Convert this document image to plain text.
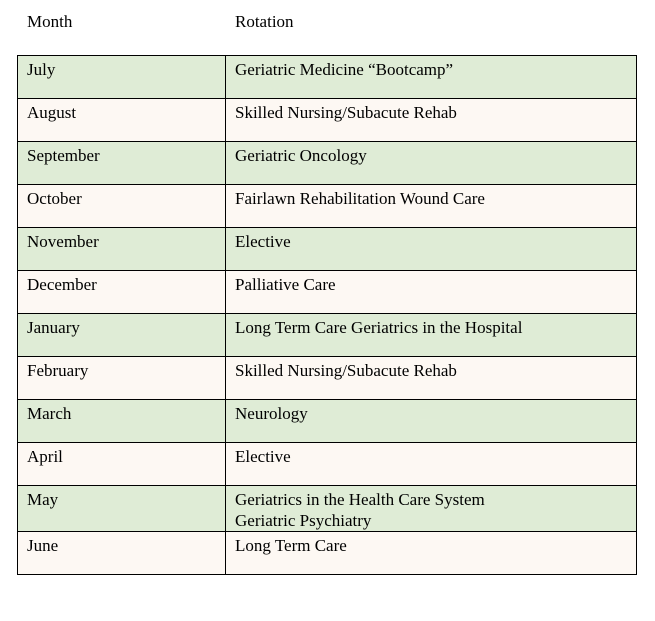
Month	Rotation
July	Geriatric Medicine “Bootcamp”

August	Skilled Nursing/Subacute Rehab

September	Geriatric Oncology

October	Fairlawn Rehabilitation Wound Care

November	Elective

December	Palliative Care

January	Long Term Care Geriatrics in the Hospital

February	Skilled Nursing/Subacute Rehab

March	Neurology

April	Elective

May	Geriatrics in the Health Care System
Geriatric Psychiatry

June	Long Term Care
